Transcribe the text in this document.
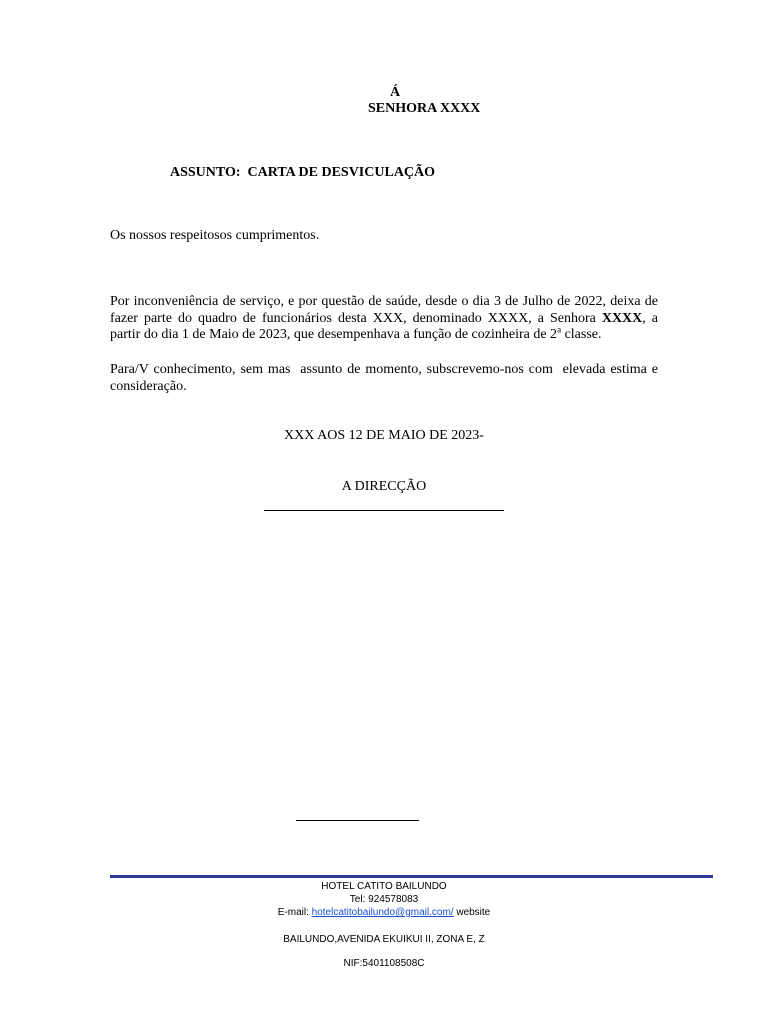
Á
SENHORA XXXX
ASSUNTO:  CARTA DE DESVICULAÇÃO
Os nossos respeitosos cumprimentos.
Por inconveniência de serviço, e por questão de saúde, desde o dia 3 de Julho de 2022, deixa de fazer parte do quadro de funcionários desta XXX, denominado XXXX, a Senhora XXXX, a partir do dia 1 de Maio de 2023, que desempenhava a função de cozinheira de 2$^a$ classe.
Para/V conhecimento, sem mas  assunto de momento, subscrevemo-nos com  elevada estima e consideração.
XXX AOS 12 DE MAIO DE 2023-
A DIRECÇÃO
HOTEL CATITO BAILUNDO
Tel: 924578083
E-mail: hotelcatitobailundo@gmail.com/ website
BAILUNDO,AVENIDA EKUIKUI II, ZONA E, Z
NIF:5401108508C
